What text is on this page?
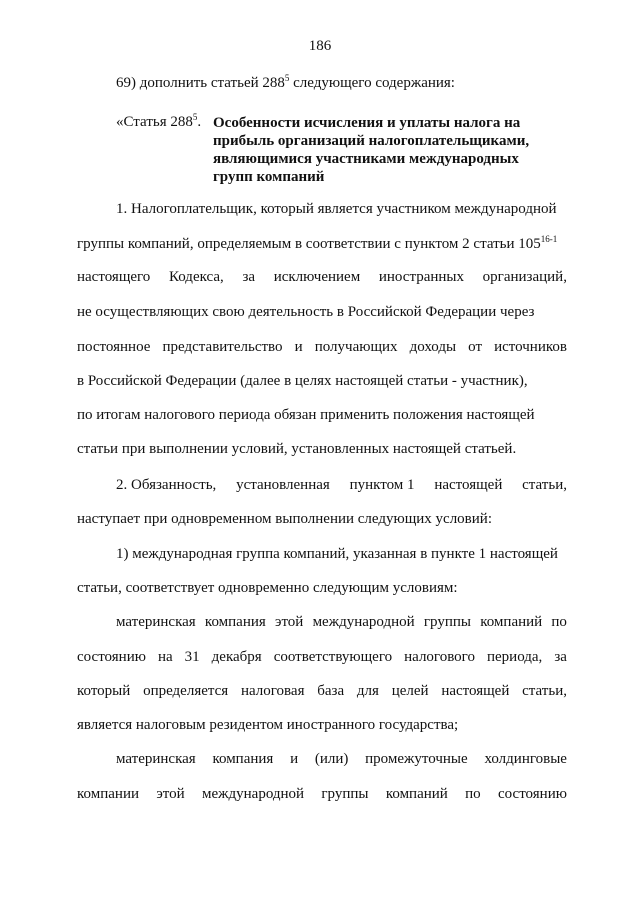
186
69) дополнить статьей $288^5$ следующего содержания:
«Статья $288^5$. Особенности исчисления и уплаты налога на
прибыль организаций налогоплательщиками,
являющимися участниками международных
групп компаний
1. Налогоплательщик, который является участником международной
группы компаний, определяемым в соответствии с пунктом 2 статьи 105$^{16-1}$
настоящего Кодекса, за исключением иностранных организаций,
не осуществляющих свою деятельность в Российской Федерации через
постоянное представительство и получающих доходы от источников
в Российской Федерации (далее в целях настоящей статьи - участник),
по итогам налогового периода обязан применить положения настоящей
статьи при выполнении условий, установленных настоящей статьей.
2. Обязанность, установленная пунктом 1 настоящей статьи,
наступает при одновременном выполнении следующих условий:
1) международная группа компаний, указанная в пункте 1 настоящей
статьи, соответствует одновременно следующим условиям:
материнская компания этой международной группы компаний по
состоянию на 31 декабря соответствующего налогового периода, за
который определяется налоговая база для целей настоящей статьи,
является налоговым резидентом иностранного государства;
материнская компания и (или) промежуточные холдинговые
компании этой международной группы компаний по состоянию
